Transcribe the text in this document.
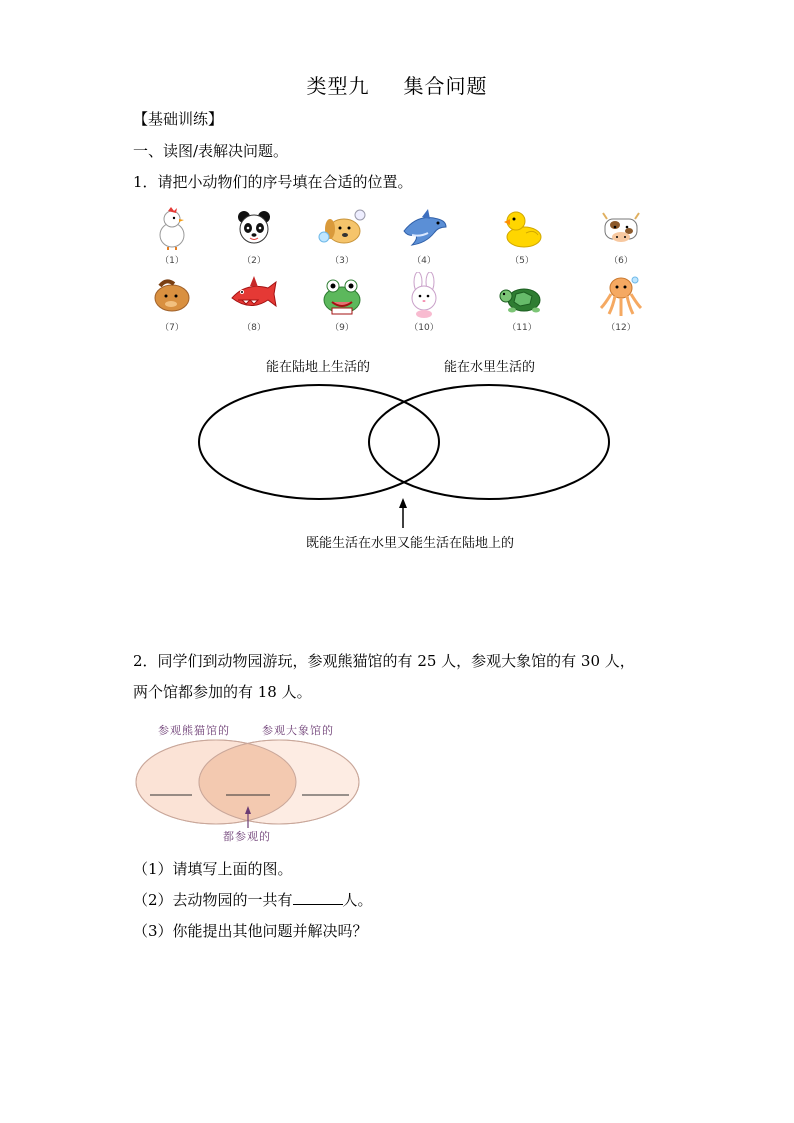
类型九 集合问题
【基础训练】
一、读图/表解决问题。
1．请把小动物们的序号填在合适的位置。
（1）	（2）	（3）	（4）	（5）	（6）
（7）	（8）	（9）	（10）	（11）	（12）
能在陆地上生活的	能在水里生活的
既能生活在水里又能生活在陆地上的
2．同学们到动物园游玩，参观熊猫馆的有 25 人，参观大象馆的有 30 人，
两个馆都参加的有 18 人。
参观熊猫馆的	参观大象馆的
都参观的
（1）请填写上面的图。
（2）去动物园的一共有	人。
（3）你能提出其他问题并解决吗？
